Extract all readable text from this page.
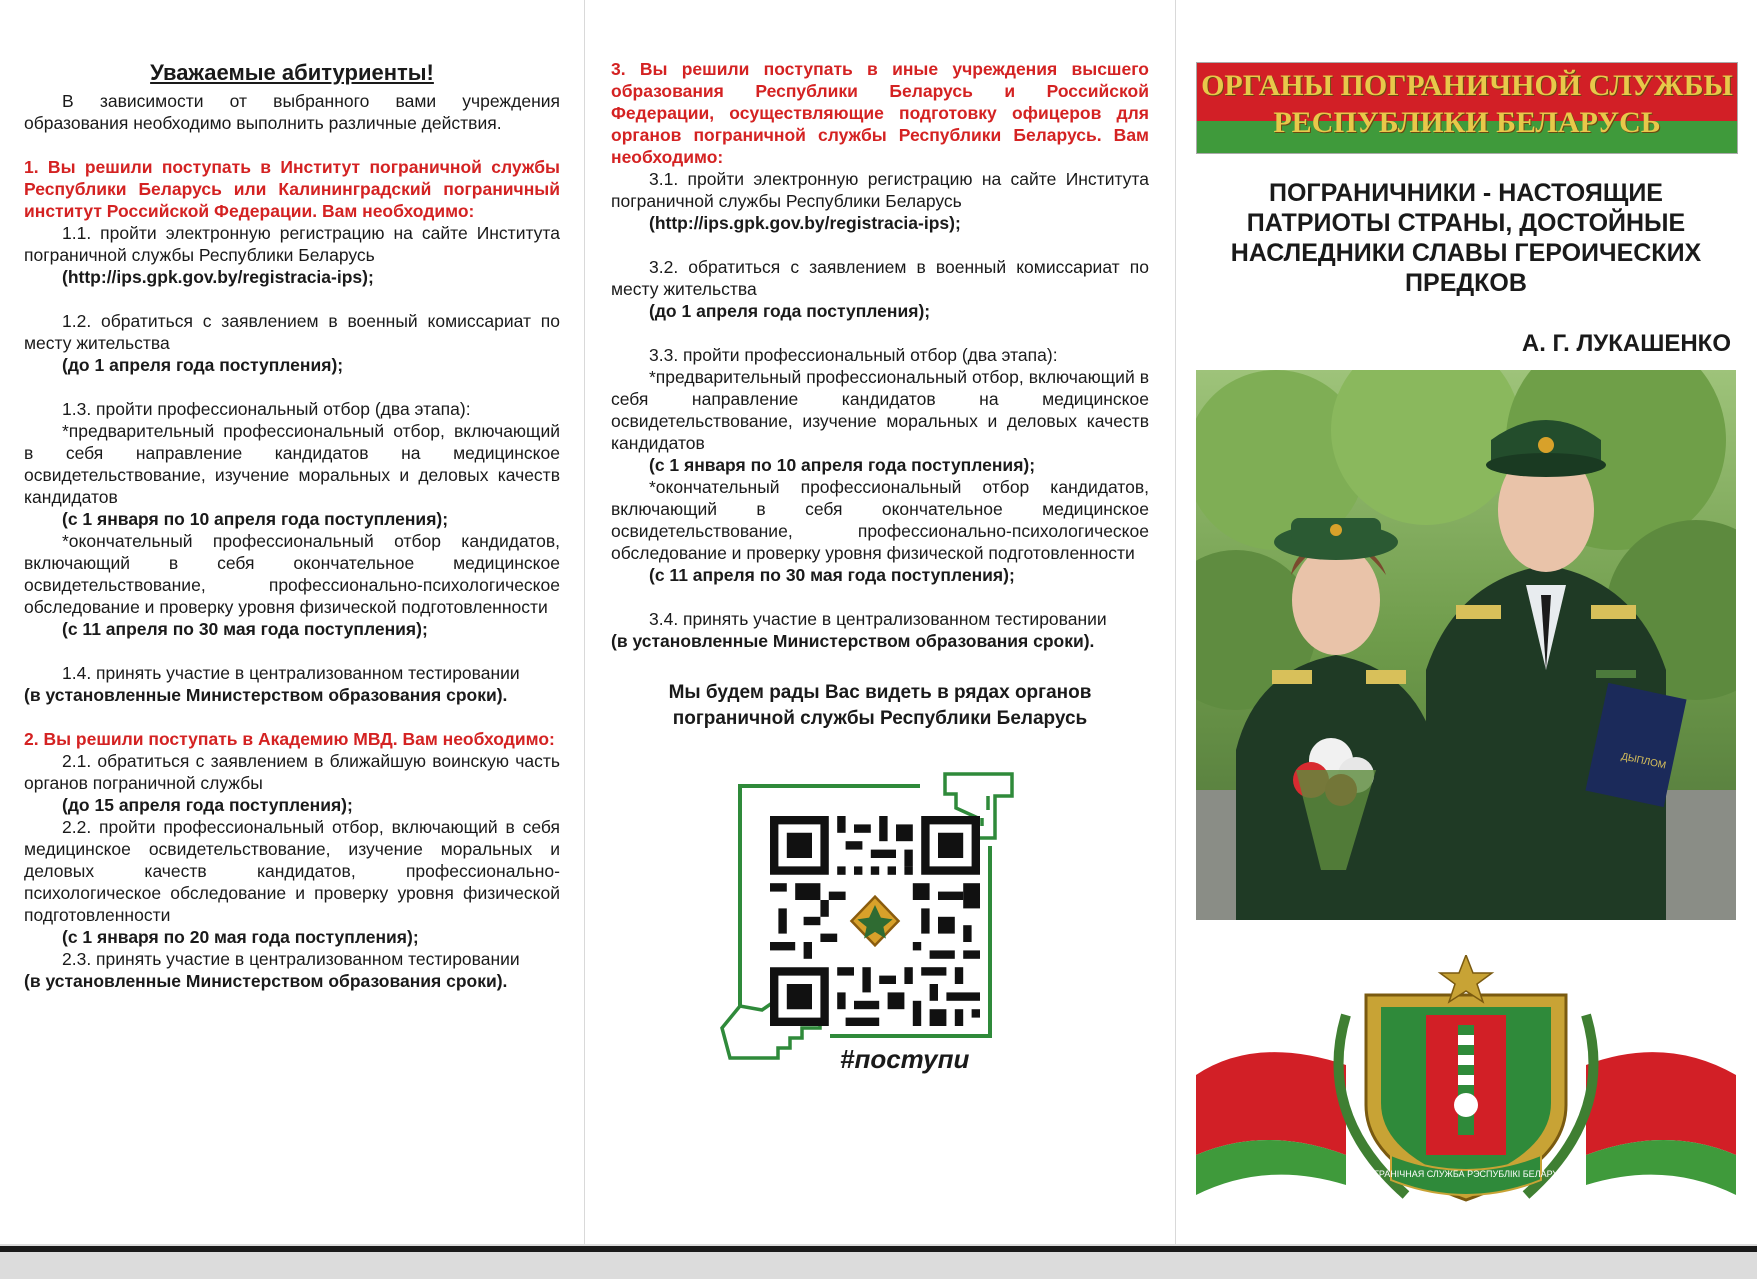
Уважаемые абитуриенты!

В зависимости от выбранного вами учреждения образования необходимо выполнить различные действия.

1. Вы решили поступать в Институт пограничной службы Республики Беларусь или Калининградский пограничный институт Российской Федерации. Вам необходимо:

1.1. пройти электронную регистрацию на сайте Института пограничной службы Республики Беларусь

(http://ips.gpk.gov.by/registracia-ips);

1.2. обратиться с заявлением в военный комиссариат по месту жительства

(до 1 апреля года поступления);

1.3. пройти профессиональный отбор (два этапа):

*предварительный профессиональный отбор, включающий в себя направление кандидатов на медицинское освидетельствование, изучение моральных и деловых качеств кандидатов

(с 1 января по 10 апреля года поступления);

*окончательный профессиональный отбор кандидатов, включающий в себя окончательное медицинское освидетельствование, профессионально-психологическое обследование и проверку уровня физической подготовленности

(с 11 апреля по 30 мая года поступления);

1.4. принять участие в централизованном тестировании

(в установленные Министерством образования сроки).

2. Вы решили поступать в Академию МВД. Вам необходимо:

2.1. обратиться с заявлением в ближайшую воинскую часть органов пограничной службы

(до 15 апреля года поступления);

2.2. пройти профессиональный отбор, включающий в себя медицинское освидетельствование, изучение моральных и деловых качеств кандидатов, профессионально-психологическое обследование и проверку уровня физической подготовленности

(с 1 января по 20 мая года поступления);

2.3. принять участие в централизованном тестировании

(в установленные Министерством образования сроки).

3. Вы решили поступать в иные учреждения высшего образования Республики Беларусь и Российской Федерации, осуществляющие подготовку офицеров для органов пограничной службы Республики Беларусь. Вам необходимо:

3.1. пройти электронную регистрацию на сайте Института пограничной службы Республики Беларусь

(http://ips.gpk.gov.by/registracia-ips);

3.2. обратиться с заявлением в военный комиссариат по месту жительства

(до 1 апреля года поступления);

3.3. пройти профессиональный отбор (два этапа):

*предварительный профессиональный отбор, включающий в себя направление кандидатов на медицинское освидетельствование, изучение моральных и деловых качеств кандидатов

(с 1 января по 10 апреля года поступления);

*окончательный профессиональный отбор кандидатов, включающий в себя окончательное медицинское освидетельствование, профессионально-психологическое обследование и проверку уровня физической подготовленности

(с 11 апреля по 30 мая года поступления);

3.4. принять участие в централизованном тестировании

(в установленные Министерством образования сроки).

Мы будем рады Вас видеть в рядах органов пограничной службы Республики Беларусь
#поступи
ОРГАНЫ ПОГРАНИЧНОЙ СЛУЖБЫ РЕСПУБЛИКИ БЕЛАРУСЬ
ПОГРАНИЧНИКИ - НАСТОЯЩИЕ ПАТРИОТЫ СТРАНЫ, ДОСТОЙНЫЕ НАСЛЕДНИКИ СЛАВЫ ГЕРОИЧЕСКИХ ПРЕДКОВ
А. Г. ЛУКАШЕНКО
ДЫПЛОМ
ПАГРАНІЧНАЯ СЛУЖБА РЭСПУБЛІКІ БЕЛАРУСЬ
